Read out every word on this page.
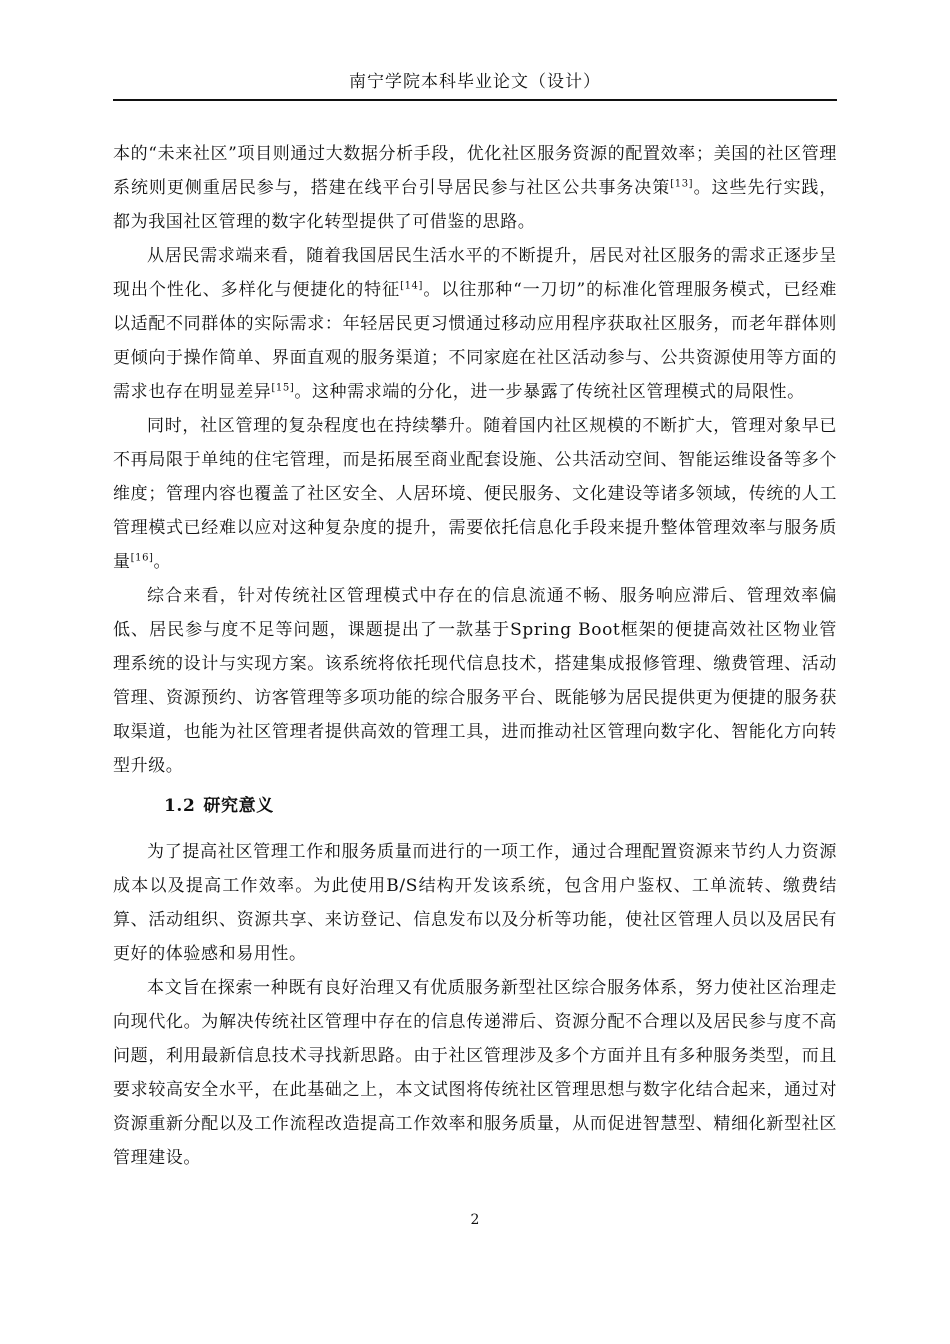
南宁学院本科毕业论文（设计）

本的“未来社区”项目则通过大数据分析手段，优化社区服务资源的配置效率；美国的社区管理系统则更侧重居民参与，搭建在线平台引导居民参与社区公共事务决策[13]。这些先行实践，都为我国社区管理的数字化转型提供了可借鉴的思路。

从居民需求端来看，随着我国居民生活水平的不断提升，居民对社区服务的需求正逐步呈现出个性化、多样化与便捷化的特征[14]。以往那种“一刀切”的标准化管理服务模式，已经难以适配不同群体的实际需求：年轻居民更习惯通过移动应用程序获取社区服务，而老年群体则更倾向于操作简单、界面直观的服务渠道；不同家庭在社区活动参与、公共资源使用等方面的需求也存在明显差异[15]。这种需求端的分化，进一步暴露了传统社区管理模式的局限性。

同时，社区管理的复杂程度也在持续攀升。随着国内社区规模的不断扩大，管理对象早已不再局限于单纯的住宅管理，而是拓展至商业配套设施、公共活动空间、智能运维设备等多个维度；管理内容也覆盖了社区安全、人居环境、便民服务、文化建设等诸多领域，传统的人工管理模式已经难以应对这种复杂度的提升，需要依托信息化手段来提升整体管理效率与服务质量[16]。

综合来看，针对传统社区管理模式中存在的信息流通不畅、服务响应滞后、管理效率偏低、居民参与度不足等问题，课题提出了一款基于Spring Boot框架的便捷高效社区物业管理系统的设计与实现方案。该系统将依托现代信息技术，搭建集成报修管理、缴费管理、活动管理、资源预约、访客管理等多项功能的综合服务平台、既能够为居民提供更为便捷的服务获取渠道，也能为社区管理者提供高效的管理工具，进而推动社区管理向数字化、智能化方向转型升级。

1.2 研究意义

为了提高社区管理工作和服务质量而进行的一项工作，通过合理配置资源来节约人力资源成本以及提高工作效率。为此使用B/S结构开发该系统，包含用户鉴权、工单流转、缴费结算、活动组织、资源共享、来访登记、信息发布以及分析等功能，使社区管理人员以及居民有更好的体验感和易用性。

本文旨在探索一种既有良好治理又有优质服务新型社区综合服务体系，努力使社区治理走向现代化。为解决传统社区管理中存在的信息传递滞后、资源分配不合理以及居民参与度不高问题，利用最新信息技术寻找新思路。由于社区管理涉及多个方面并且有多种服务类型，而且要求较高安全水平，在此基础之上，本文试图将传统社区管理思想与数字化结合起来，通过对资源重新分配以及工作流程改造提高工作效率和服务质量，从而促进智慧型、精细化新型社区管理建设。

2
